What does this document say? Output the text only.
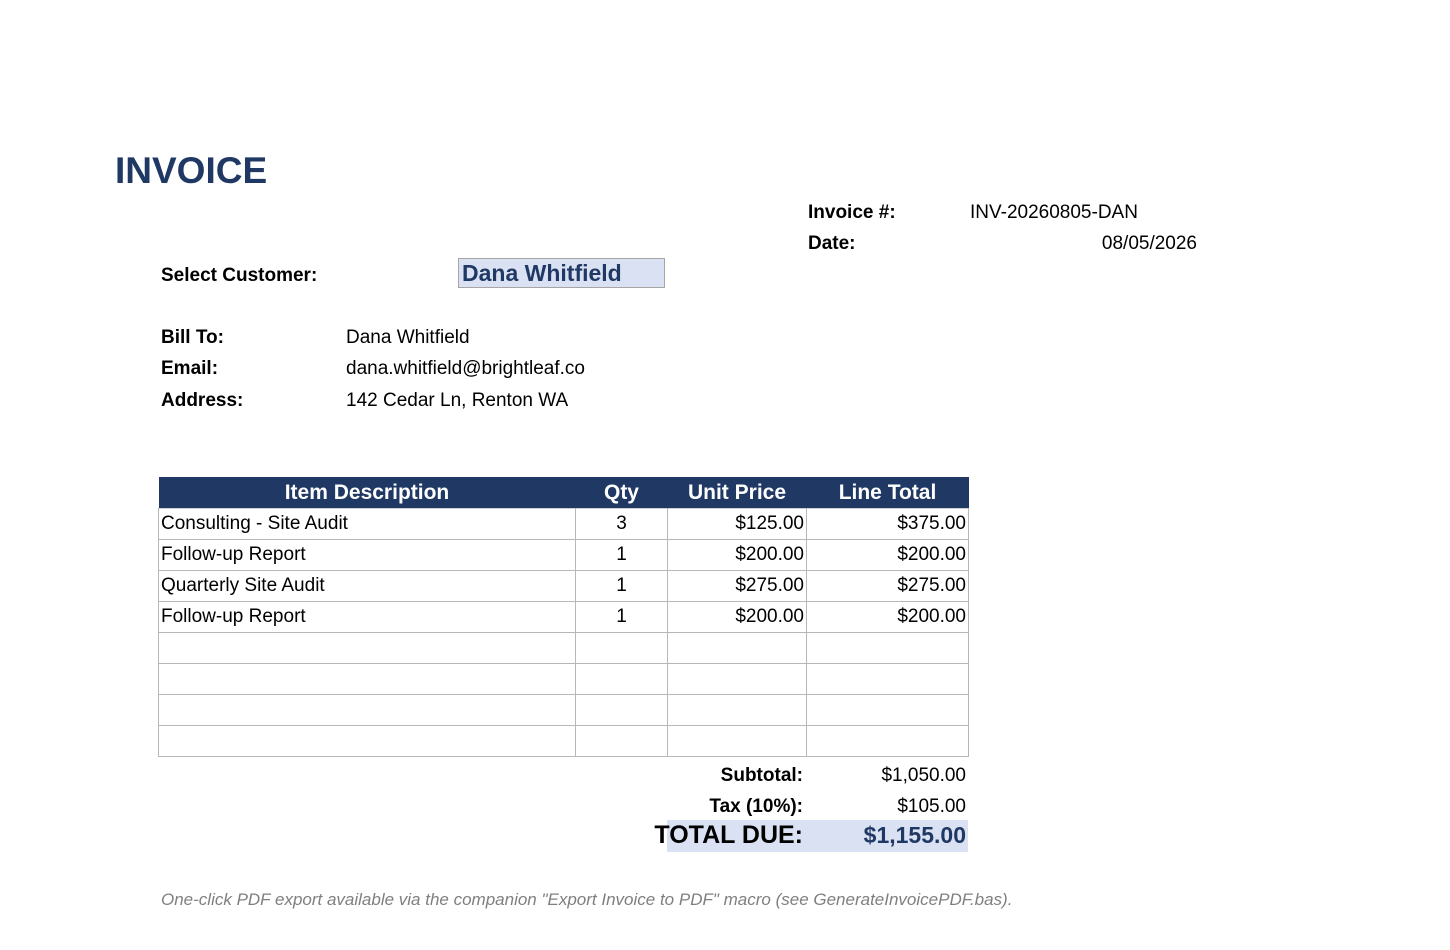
INVOICE
Invoice #:	INV-20260805-DAN
Date:	08/05/2026
Select Customer:	Dana Whitfield
Bill To:	Dana Whitfield
Email:	dana.whitfield@brightleaf.co
Address:	142 Cedar Ln, Renton WA
Item Description	Qty	Unit Price	Line Total
Consulting - Site Audit	3	$125.00	$375.00
Follow-up Report	1	$200.00	$200.00
Quarterly Site Audit	1	$275.00	$275.00
Follow-up Report	1	$200.00	$200.00

Subtotal:	$1,050.00
Tax (10%):	$105.00
TOTAL DUE:	$1,155.00
One-click PDF export available via the companion "Export Invoice to PDF" macro (see GenerateInvoicePDF.bas).
